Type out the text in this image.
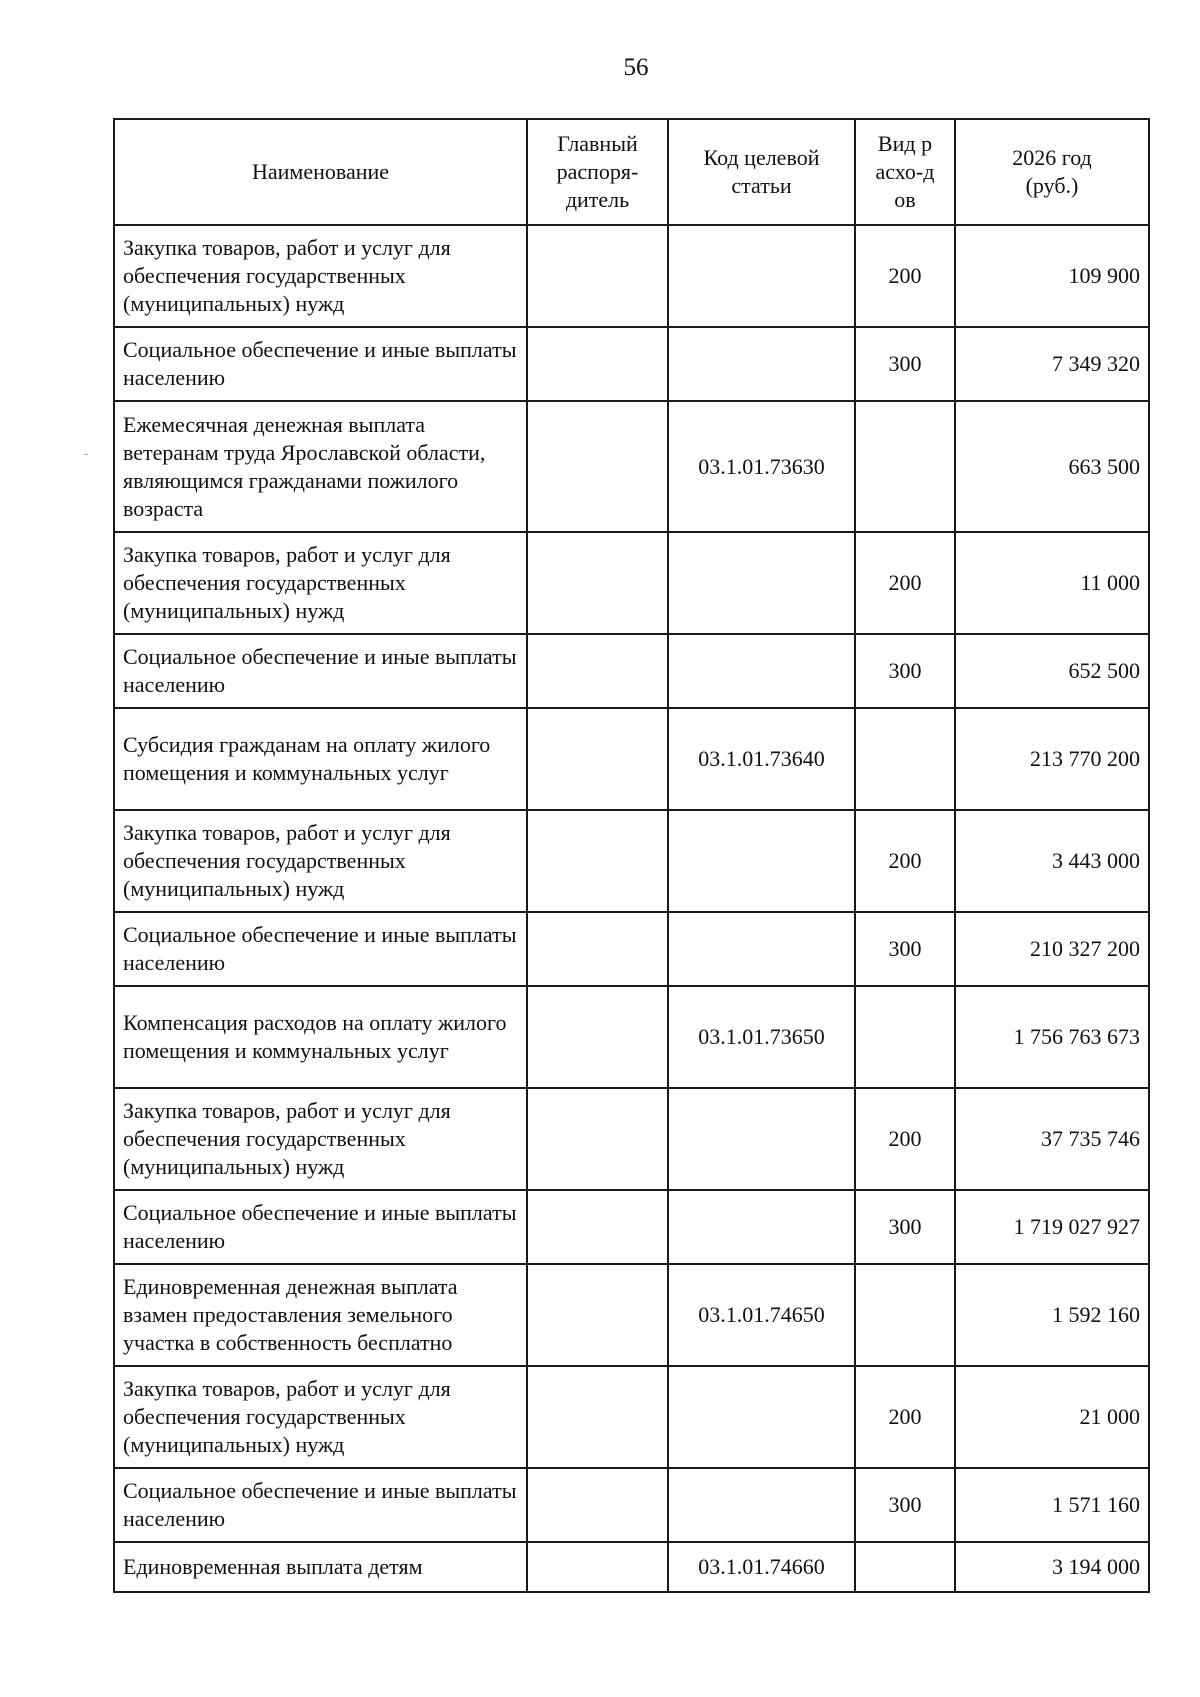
56
Наименование	Главный распоря-дитель	Код целевой статьи	Вид расхо-дов	2026 год (руб.)
Закупка товаров, работ и услуг для обеспечения государственных (муниципальных) нужд			200	109 900
Социальное обеспечение и иные выплаты населению			300	7 349 320
Ежемесячная денежная выплата ветеранам труда Ярославской области, являющимся гражданами пожилого возраста		03.1.01.73630		663 500
Закупка товаров, работ и услуг для обеспечения государственных (муниципальных) нужд			200	11 000
Социальное обеспечение и иные выплаты населению			300	652 500
Субсидия гражданам на оплату жилого помещения и коммунальных услуг		03.1.01.73640		213 770 200
Закупка товаров, работ и услуг для обеспечения государственных (муниципальных) нужд			200	3 443 000
Социальное обеспечение и иные выплаты населению			300	210 327 200
Компенсация расходов на оплату жилого помещения и коммунальных услуг		03.1.01.73650		1 756 763 673
Закупка товаров, работ и услуг для обеспечения государственных (муниципальных) нужд			200	37 735 746
Социальное обеспечение и иные выплаты населению			300	1 719 027 927
Единовременная денежная выплата взамен предоставления земельного участка в собственность бесплатно		03.1.01.74650		1 592 160
Закупка товаров, работ и услуг для обеспечения государственных (муниципальных) нужд			200	21 000
Социальное обеспечение и иные выплаты населению			300	1 571 160
Единовременная выплата детям		03.1.01.74660		3 194 000
